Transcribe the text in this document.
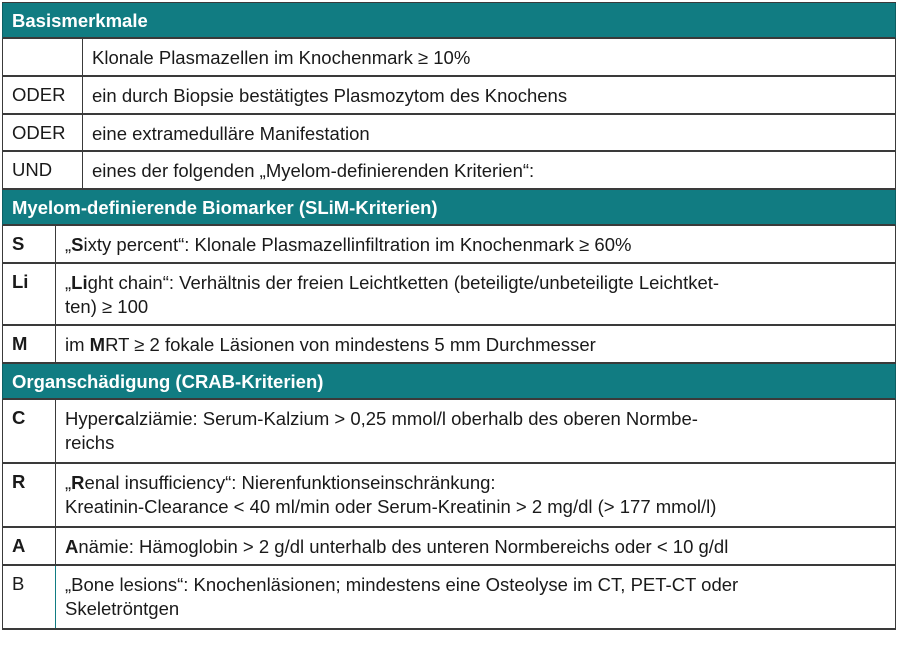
Basismerkmale
Klonale Plasmazellen im Knochenmark ≥ 10%
ODER	ein durch Biopsie bestätigtes Plasmozytom des Knochens
ODER	eine extramedulläre Manifestation
UND	eines der folgenden „Myelom-definierenden Kriterien“:
Myelom-definierende Biomarker (SLiM-Kriterien)
S	„Sixty percent“: Klonale Plasmazellinfiltration im Knochenmark ≥ 60%
Li	„Light chain“: Verhältnis der freien Leichtketten (beteiligte/unbeteiligte Leichtket-
ten) ≥ 100
M	im MRT ≥ 2 fokale Läsionen von mindestens 5 mm Durchmesser
Organschädigung (CRAB-Kriterien)
C	Hypercalziämie: Serum-Kalzium > 0,25 mmol/l oberhalb des oberen Normbe-
reichs
R	„Renal insufficiency“: Nierenfunktionseinschränkung:
Kreatinin-Clearance < 40 ml/min oder Serum-Kreatinin > 2 mg/dl (> 177 mmol/l)
A	Anämie: Hämoglobin > 2 g/dl unterhalb des unteren Normbereichs oder < 10 g/dl
B	„Bone lesions“: Knochenläsionen; mindestens eine Osteolyse im CT, PET-CT oder
Skeletröntgen
